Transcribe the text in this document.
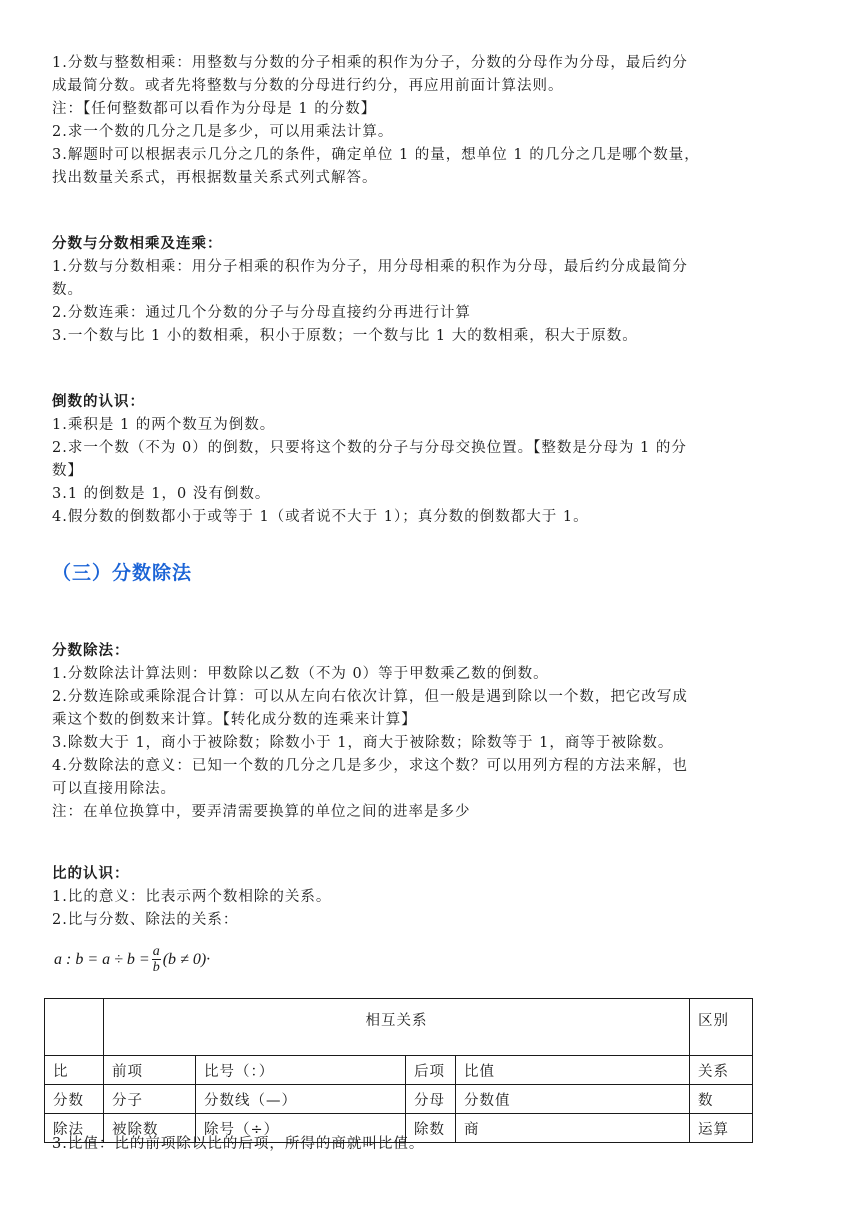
1.分数与整数相乘：用整数与分数的分子相乘的积作为分子，分数的分母作为分母，最后约分

成最简分数。或者先将整数与分数的分母进行约分，再应用前面计算法则。

注：【任何整数都可以看作为分母是 1 的分数】

2.求一个数的几分之几是多少，可以用乘法计算。

3.解题时可以根据表示几分之几的条件，确定单位 1 的量，想单位 1 的几分之几是哪个数量，

找出数量关系式，再根据数量关系式列式解答。

分数与分数相乘及连乘：

1.分数与分数相乘：用分子相乘的积作为分子，用分母相乘的积作为分母，最后约分成最简分

数。

2.分数连乘：通过几个分数的分子与分母直接约分再进行计算

3.一个数与比 1 小的数相乘，积小于原数；一个数与比 1 大的数相乘，积大于原数。

倒数的认识：

1.乘积是 1 的两个数互为倒数。

2.求一个数（不为 0）的倒数，只要将这个数的分子与分母交换位置。【整数是分母为 1 的分

数】

3.1 的倒数是 1，0 没有倒数。

4.假分数的倒数都小于或等于 1（或者说不大于 1）；真分数的倒数都大于 1。

（三）分数除法

分数除法：

1.分数除法计算法则：甲数除以乙数（不为 0）等于甲数乘乙数的倒数。

2.分数连除或乘除混合计算：可以从左向右依次计算，但一般是遇到除以一个数，把它改写成

乘这个数的倒数来计算。【转化成分数的连乘来计算】

3.除数大于 1，商小于被除数；除数小于 1，商大于被除数；除数等于 1，商等于被除数。

4.分数除法的意义：已知一个数的几分之几是多少，求这个数？可以用列方程的方法来解，也

可以直接用除法。

注：在单位换算中，要弄清需要换算的单位之间的进率是多少

比的认识：

1.比的意义：比表示两个数相除的关系。

2.比与分数、除法的关系：

a : $b = a \div b = \frac{a}{b} (b \ne 0)\cdot$
	相互关系				区别
比	前项	比号（：）	后项	比值	关系
分数	分子	分数线（—）	分母	分数值	数
除法	被除数	除号（÷）	除数	商	运算

3.比值：比的前项除以比的后项，所得的商就叫比值。
